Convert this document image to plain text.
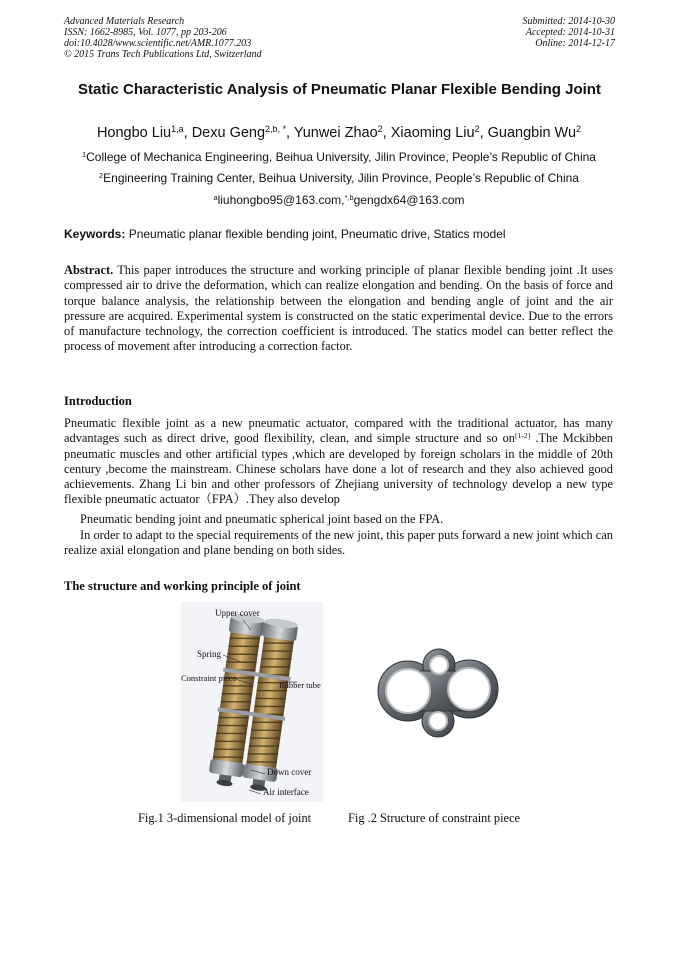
Advanced Materials Research
ISSN: 1662-8985, Vol. 1077, pp 203-206
doi:10.4028/www.scientific.net/AMR.1077.203
© 2015 Trans Tech Publications Ltd, Switzerland
Submitted: 2014-10-30
Accepted: 2014-10-31
Online: 2014-12-17
Static Characteristic Analysis of Pneumatic Planar Flexible Bending Joint
Hongbo Liu$^{1,a}$, Dexu Geng$^{2,b, *}$, Yunwei Zhao$^2$, Xiaoming Liu$^2$, Guangbin Wu$^2$
$^1$College of Mechanica Engineering, Beihua University, Jilin Province, People’s Republic of China
$^2$Engineering Training Center, Beihua University, Jilin Province, People’s Republic of China
$^a$liuhongbo95@163.com,$^{*,b}$gengdx64@163.com
Keywords: Pneumatic planar flexible bending joint, Pneumatic drive, Statics model
Abstract. This paper introduces the structure and working principle of planar flexible bending joint .It uses compressed air to drive the deformation, which can realize elongation and bending. On the basis of force and torque balance analysis, the relationship between the elongation and bending angle of joint and the air pressure are acquired. Experimental system is constructed on the static experimental device. Due to the errors of manufacture technology, the correction coefficient is introduced. The statics model can better reflect the process of movement after introducing a correction factor.
Introduction
Pneumatic flexible joint as a new pneumatic actuator, compared with the traditional actuator, has many advantages such as direct drive, good flexibility, clean, and simple structure and so on[1-2] .The Mckibben pneumatic muscles and other artificial types ,which are developed by foreign scholars in the middle of 20th century ,become the mainstream. Chinese scholars have done a lot of research and they also achieved good achievements. Zhang Li bin and other professors of Zhejiang university of technology develop a new type flexible pneumatic actuator（FPA）.They also develop
Pneumatic bending joint and pneumatic spherical joint based on the FPA.
In order to adapt to the special requirements of the new joint, this paper puts forward a new joint which can realize axial elongation and plane bending on both sides.
The structure and working principle of joint
Upper cover
Spring
Constraint piece
Rubber tube
Down cover
Air interface
Fig.1 3-dimensional model of joint	Fig .2 Structure of constraint piece
